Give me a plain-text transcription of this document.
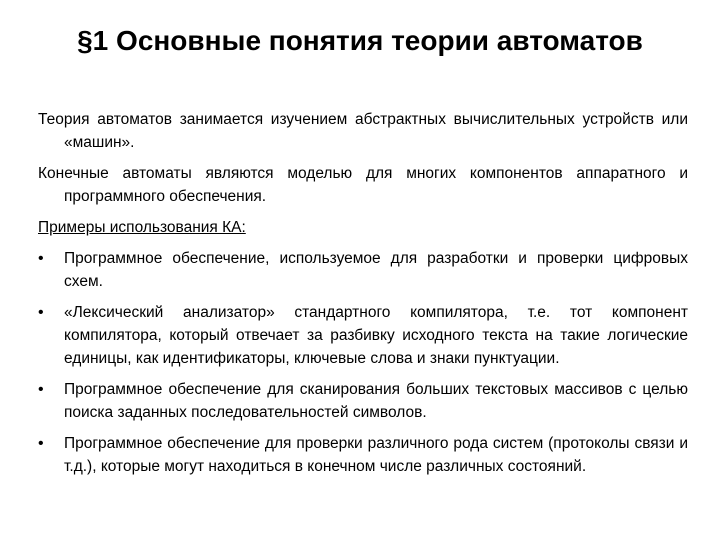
§1 Основные понятия теории автоматов

Теория автоматов занимается изучением абстрактных вычислительных устройств или «машин».

Конечные автоматы являются моделью для многих компонентов аппаратного и программного обеспечения.

Примеры использования КА:

• Программное обеспечение, используемое для разработки и проверки цифровых схем.
• «Лексический анализатор» стандартного компилятора, т.е. тот компонент компилятора, который отвечает за разбивку исходного текста на такие логические единицы, как идентификаторы, ключевые слова и знаки пунктуации.
• Программное обеспечение для сканирования больших текстовых массивов с целью поиска заданных последовательностей символов.
• Программное обеспечение для проверки различного рода систем (протоколы связи и т.д.), которые могут находиться в конечном числе различных состояний.
